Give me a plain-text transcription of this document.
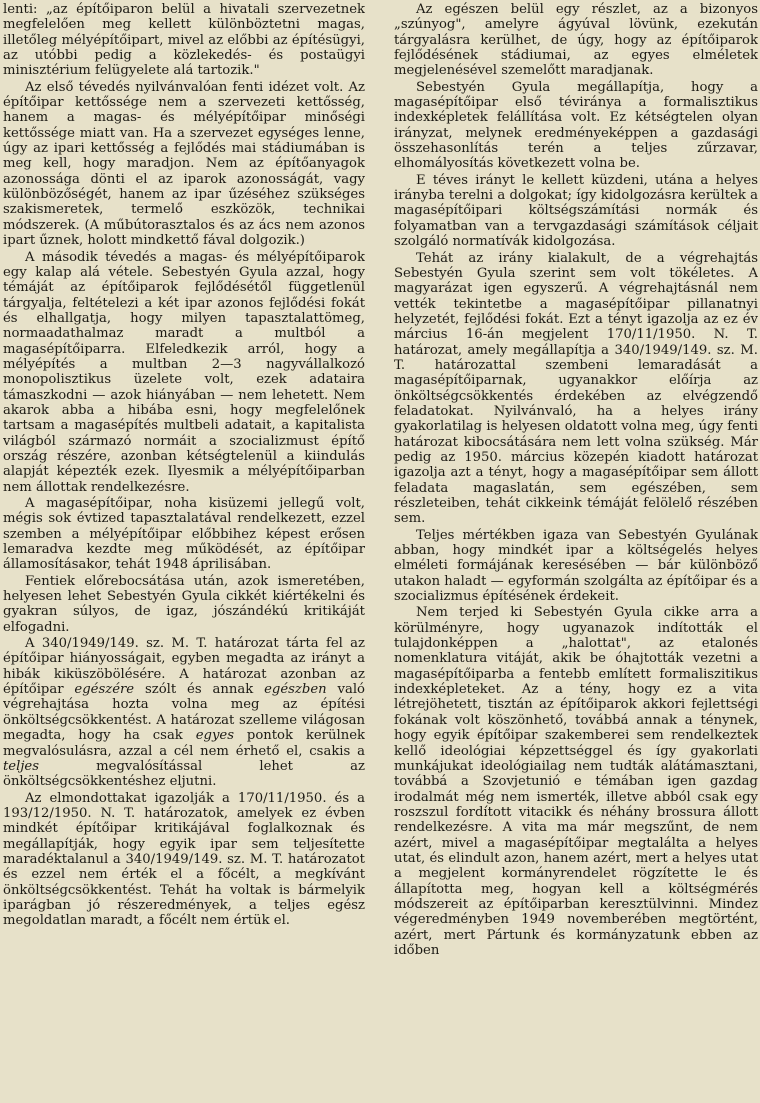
lenti: „az építőiparon belül a hivatali szervezetnek megfelelően meg kellett különböztetni magas, illetőleg mélyépítőipart, mivel az előbbi az építésügyi, az utóbbi pedig a közlekedés- és postaügyi minisztérium felügyelete alá tartozik."

Az első tévedés nyilvánvalóan fenti idézet volt. Az építőipar kettőssége nem a szervezeti kettősség, hanem a magas- és mélyépítőipar minőségi kettőssége miatt van. Ha a szervezet egységes lenne, úgy az ipari kettősség a fejlődés mai stádiumában is meg kell, hogy maradjon. Nem az építőanyagok azonossága dönti el az iparok azonosságát, vagy különbözőségét, hanem az ipar űzéséhez szükséges szakismeretek, termelő eszközök, technikai módszerek. (A műbútorasztalos és az ács nem azonos ipart űznek, holott mindkettő fával dolgozik.)

A második tévedés a magas- és mélyépítőiparok egy kalap alá vétele. Sebestyén Gyula azzal, hogy témáját az építőiparok fejlődésétől függetlenül tárgyalja, feltételezi a két ipar azonos fejlődési fokát és elhallgatja, hogy milyen tapasztalattömeg, normaadathalmaz maradt a multból a magasépítőiparra. Elfeledkezik arról, hogy a mélyépítés a multban 2—3 nagyvállalkozó monopolisztikus üzelete volt, ezek adataira támaszkodni — azok hiányában — nem lehetett. Nem akarok abba a hibába esni, hogy megfelelőnek tartsam a magasépítés multbeli adatait, a kapitalista világból származó normáit a szocializmust építő ország részére, azonban kétségtelenül a kiindulás alapját képezték ezek. Ilyesmik a mélyépítőiparban nem állottak rendelkezésre.

A magasépítőipar, noha kisüzemi jellegű volt, mégis sok évtized tapasztalatával rendelkezett, ezzel szemben a mélyépítőipar előbbihez képest erősen lemaradva kezdte meg működését, az építőipar államosításakor, tehát 1948 áprilisában.

Fentiek előrebocsátása után, azok ismeretében, helyesen lehet Sebestyén Gyula cikkét kiértékelni és gyakran súlyos, de igaz, jószándékú kritikáját elfogadni.

A 340/1949/149. sz. M. T. határozat tárta fel az építőipar hiányosságait, egyben megadta az irányt a hibák kiküszöbölésére. A határozat azonban az építőipar egészére szólt és annak egészben való végrehajtása hozta volna meg az építési önköltségcsökkentést. A határozat szelleme világosan megadta, hogy ha csak egyes pontok kerülnek megvalósulásra, azzal a cél nem érhető el, csakis a teljes megvalósítással lehet az önköltségcsökkentéshez eljutni.

Az elmondottakat igazolják a 170/11/1950. és a 193/12/1950. N. T. határozatok, amelyek ez évben mindkét építőipar kritikájával foglalkoznak és megállapítják, hogy egyik ipar sem teljesítette maradéktalanul a 340/1949/149. sz. M. T. határozatot és ezzel nem érték el a főcélt, a megkívánt önköltségcsökkentést. Tehát ha voltak is bármelyik iparágban jó részeredmények, a teljes egész megoldatlan maradt, a főcélt nem értük el.

Az egészen belül egy részlet, az a bizonyos „szúnyog", amelyre ágyúval lövünk, ezekután tárgyalásra kerülhet, de úgy, hogy az építőiparok fejlődésének stádiumai, az egyes elméletek megjelenésével szemelőtt maradjanak.

Sebestyén Gyula megállapítja, hogy a magasépítőipar első téviránya a formalisztikus indexképletek felállítása volt. Ez kétségtelen olyan irányzat, melynek eredményeképpen a gazdasági összehasonlítás terén a teljes zűrzavar, elhomályosítás következett volna be.

E téves irányt le kellett küzdeni, utána a helyes irányba terelni a dolgokat; így kidolgozásra kerültek a magasépítőipari költségszámítási normák és folyamatban van a tervgazdasági számítások céljait szolgáló normatívák kidolgozása.

Tehát az irány kialakult, de a végrehajtás Sebestyén Gyula szerint sem volt tökéletes. A magyarázat igen egyszerű. A végrehajtásnál nem vették tekintetbe a magasépítőipar pillanatnyi helyzetét, fejlődési fokát. Ezt a tényt igazolja az ez év március 16-án megjelent 170/11/1950. N. T. határozat, amely megállapítja a 340/1949/149. sz. M. T. határozattal szembeni lemaradását a magasépítőiparnak, ugyanakkor előírja az önköltségcsökkentés érdekében az elvégzendő feladatokat. Nyilvánvaló, ha a helyes irány gyakorlatilag is helyesen oldatott volna meg, úgy fenti határozat kibocsátására nem lett volna szükség. Már pedig az 1950. március közepén kiadott határozat igazolja azt a tényt, hogy a magasépítőipar sem állott feladata magaslatán, sem egészében, sem részleteiben, tehát cikkeink témáját felölelő részében sem.

Teljes mértékben igaza van Sebestyén Gyulának abban, hogy mindkét ipar a költségelés helyes elméleti formájának keresésében — bár különböző utakon haladt — egyformán szolgálta az építőipar és a szocializmus építésének érdekeit.

Nem terjed ki Sebestyén Gyula cikke arra a körülményre, hogy ugyanazok indították el tulajdonképpen a „halottat", az etalonés nomenklatura vitáját, akik be óhajtották vezetni a magasépítőiparba a fentebb említett formaliszitikus indexképleteket. Az a tény, hogy ez a vita létrejöhetett, tisztán az építőiparok akkori fejlettségi fokának volt köszönhető, továbbá annak a ténynek, hogy egyik építőipar szakemberei sem rendelkeztek kellő ideológiai képzettséggel és így gyakorlati munkájukat ideológiailag nem tudták alátámasztani, továbbá a Szovjetunió e témában igen gazdag irodalmát még nem ismerték, illetve abból csak egy roszszul fordított vitacikk és néhány brossura állott rendelkezésre. A vita ma már megszűnt, de nem azért, mivel a magasépítőipar megtalálta a helyes utat, és elindult azon, hanem azért, mert a helyes utat a megjelent kormányrendelet rögzítette le és állapította meg, hogyan kell a költségmérés módszereit az építőiparban keresztülvinni. Mindez végeredményben 1949 novemberében megtörtént, azért, mert Pártunk és kormányzatunk ebben az időben
